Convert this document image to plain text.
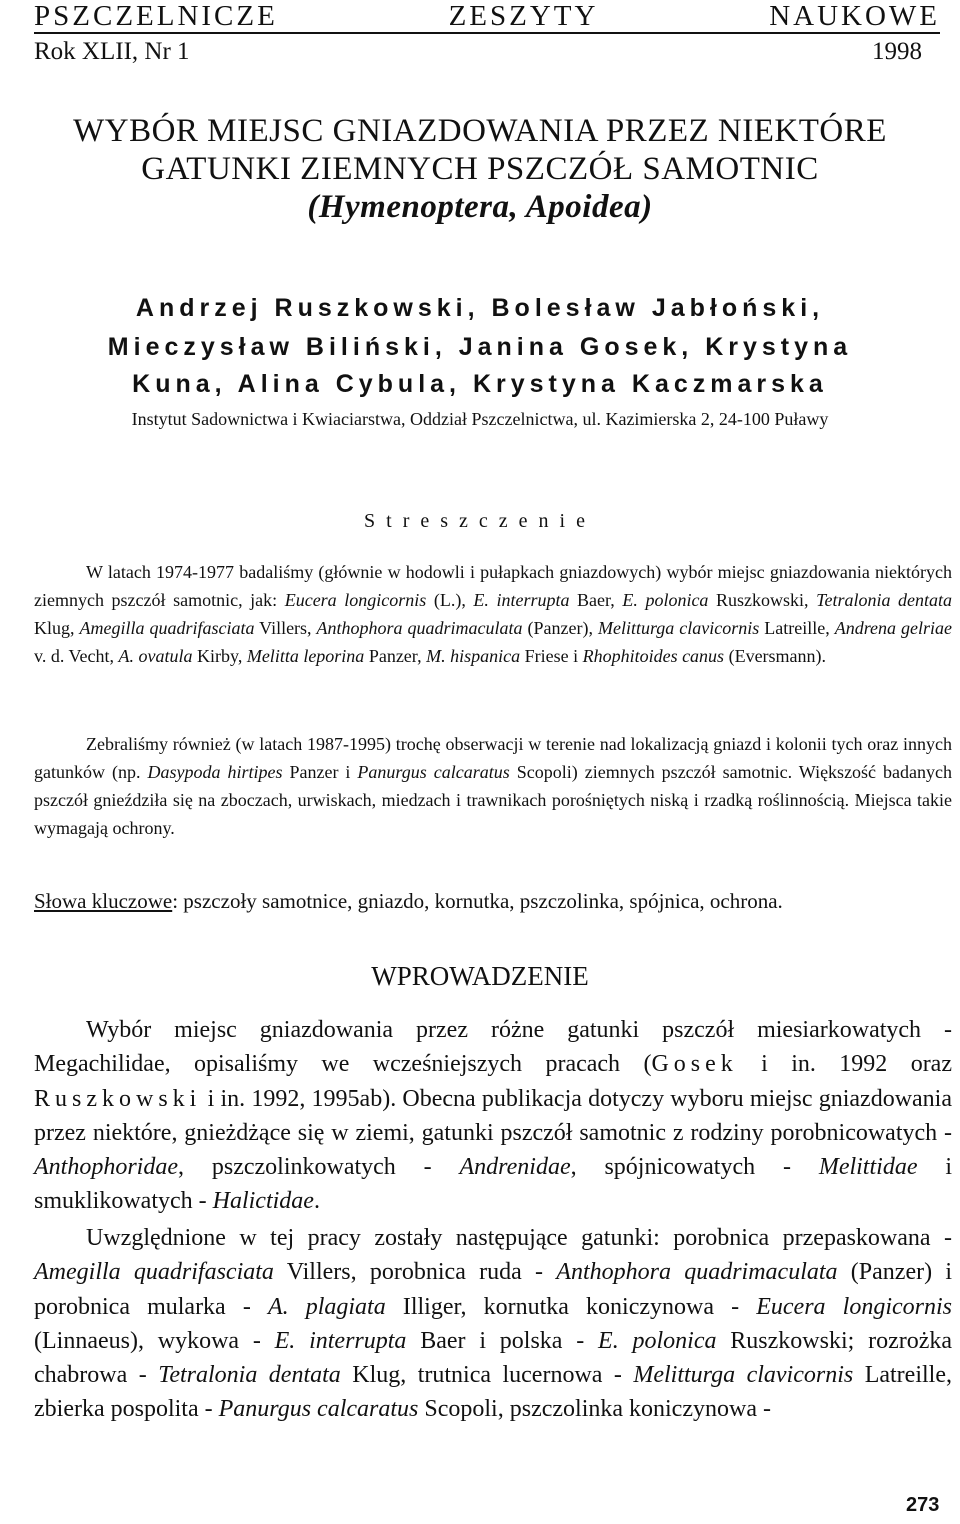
PSZCZELNICZE	ZESZYTY	NAUKOWE
Rok XLII, Nr 1	1998
WYBÓR MIEJSC GNIAZDOWANIA PRZEZ NIEKTÓRE
GATUNKI ZIEMNYCH PSZCZÓŁ SAMOTNIC
(Hymenoptera, Apoidea)
Andrzej Ruszkowski, Bolesław Jabłoński,
Mieczysław Biliński, Janina Gosek, Krystyna
Kuna, Alina Cybula, Krystyna Kaczmarska
Instytut Sadownictwa i Kwiaciarstwa, Oddział Pszczelnictwa, ul. Kazimierska 2, 24-100 Puławy
Streszczenie
W latach 1974-1977 badaliśmy (głównie w hodowli i pułapkach gniazdowych) wybór miejsc gniazdowania niektórych ziemnych pszczół samotnic, jak: Eucera longicornis (L.), E. interrupta Baer, E. polonica Ruszkowski, Tetralonia dentata Klug, Amegilla quadrifasciata Villers, Anthophora quadrimaculata (Panzer), Melitturga clavicornis Latreille, Andrena gelriae v. d. Vecht, A. ovatula Kirby, Melitta leporina Panzer, M. hispanica Friese i Rhophitoides canus (Eversmann).
Zebraliśmy również (w latach 1987-1995) trochę obserwacji w terenie nad lokalizacją gniazd i kolonii tych oraz innych gatunków (np. Dasypoda hirtipes Panzer i Panurgus calcaratus Scopoli) ziemnych pszczół samotnic. Większość badanych pszczół gnieździła się na zboczach, urwiskach, miedzach i trawnikach porośniętych niską i rzadką roślinnością. Miejsca takie wymagają ochrony.
Słowa kluczowe: pszczoły samotnice, gniazdo, kornutka, pszczolinka, spójnica, ochrona.
WPROWADZENIE
Wybór miejsc gniazdowania przez różne gatunki pszczół miesiarkowatych - Megachilidae, opisaliśmy we wcześniejszych pracach (Gosek i in. 1992 oraz Ruszkowski i in. 1992, 1995ab). Obecna publikacja dotyczy wyboru miejsc gniazdowania przez niektóre, gnieżdżące się w ziemi, gatunki pszczół samotnic z rodziny porobnicowatych - Anthophoridae, pszczolinkowatych - Andrenidae, spójnicowatych - Melittidae i smuklikowatych - Halictidae.
Uwzględnione w tej pracy zostały następujące gatunki: porobnica przepaskowana - Amegilla quadrifasciata Villers, porobnica ruda - Anthophora quadrimaculata (Panzer) i porobnica mularka - A. plagiata Illiger, kornutka koniczynowa - Eucera longicornis (Linnaeus), wykowa - E. interrupta Baer i polska - E. polonica Ruszkowski; rozrożka chabrowa - Tetralonia dentata Klug, trutnica lucernowa - Melitturga clavicornis Latreille, zbierka pospolita - Panurgus calcaratus Scopoli, pszczolinka koniczynowa -
273
